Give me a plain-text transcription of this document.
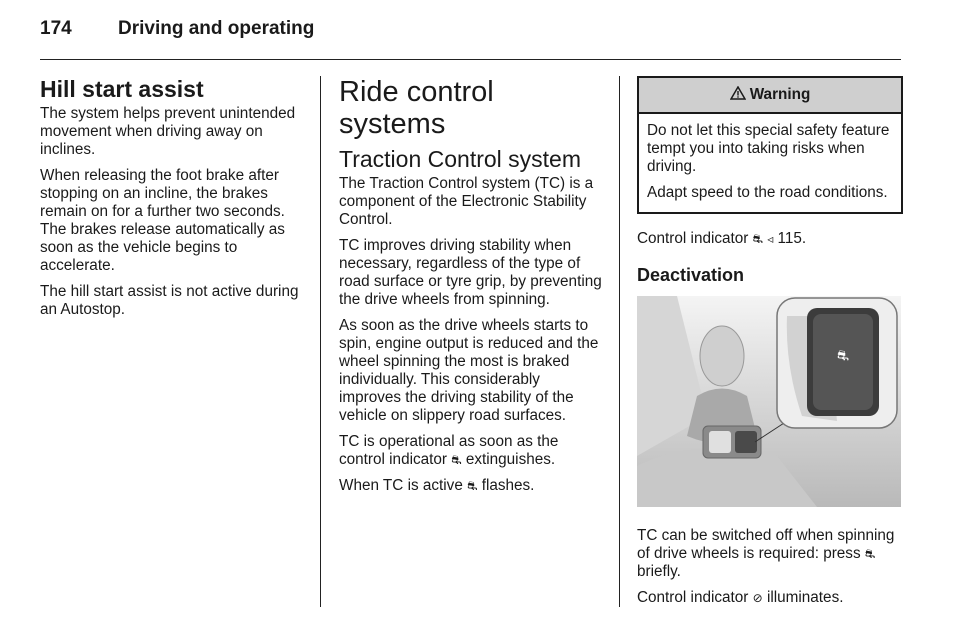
174	Driving and operating
Hill start assist

The system helps prevent unintended movement when driving away on inclines.

When releasing the foot brake after stopping on an incline, the brakes remain on for a further two seconds. The brakes release automatically as soon as the vehicle begins to accelerate.

The hill start assist is not active during an Autostop.

Ride control systems
Traction Control system

The Traction Control system (TC) is a component of the Electronic Stability Control.

TC improves driving stability when necessary, regardless of the type of road surface or tyre grip, by preventing the drive wheels from spinning.

As soon as the drive wheels starts to spin, engine output is reduced and the wheel spinning the most is braked individually. This considerably improves the driving stability of the vehicle on slippery road surfaces.

TC is operational as soon as the control indicator ⛐ extinguishes.

When TC is active ⛐ flashes.

Warning

Do not let this special safety feature tempt you into taking risks when driving.

Adapt speed to the road conditions.

Control indicator ⛐ ◃ 115.

Deactivation
⛐

TC can be switched off when spinning of drive wheels is required: press ⛐ briefly.

Control indicator ⊘ illuminates.
